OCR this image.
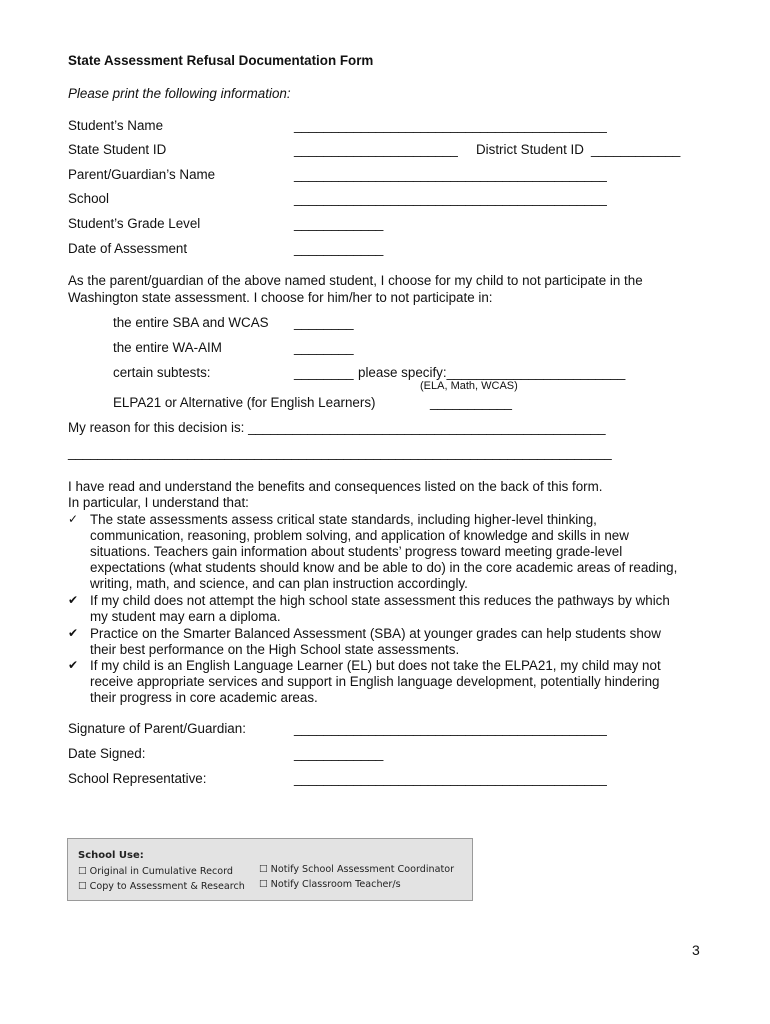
State Assessment Refusal Documentation Form
Please print the following information:
Student’s Name	__________________________________________
State Student ID	______________________ District Student ID ____________
Parent/Guardian’s Name	__________________________________________
School	__________________________________________
Student’s Grade Level	____________
Date of Assessment	____________
As the parent/guardian of the above named student, I choose for my child to not participate in the
Washington state assessment. I choose for him/her to not participate in:
the entire SBA and WCAS ________
the entire WA-AIM	________
certain subtests:	________ please specify:________________________
(ELA, Math, WCAS)
ELPA21 or Alternative (for English Learners)	___________
My reason for this decision is: ________________________________________________
_________________________________________________________________________
I have read and understand the benefits and consequences listed on the back of this form.
In particular, I understand that:
✓ The state assessments assess critical state standards, including higher-level thinking,
communication, reasoning, problem solving, and application of knowledge and skills in new
situations. Teachers gain information about students’ progress toward meeting grade-level
expectations (what students should know and be able to do) in the core academic areas of reading,
writing, math, and science, and can plan instruction accordingly.
✔ If my child does not attempt the high school state assessment this reduces the pathways by which
my student may earn a diploma.
✔ Practice on the Smarter Balanced Assessment (SBA) at younger grades can help students show
their best performance on the High School state assessments.
✔ If my child is an English Language Learner (EL) but does not take the ELPA21, my child may not
receive appropriate services and support in English language development, potentially hindering
their progress in core academic areas.
Signature of Parent/Guardian:	__________________________________________
Date Signed:	____________
School Representative:	__________________________________________
School Use:
☐ Original in Cumulative Record
☐ Copy to Assessment & Research
☐ Notify School Assessment Coordinator
☐ Notify Classroom Teacher/s
3
